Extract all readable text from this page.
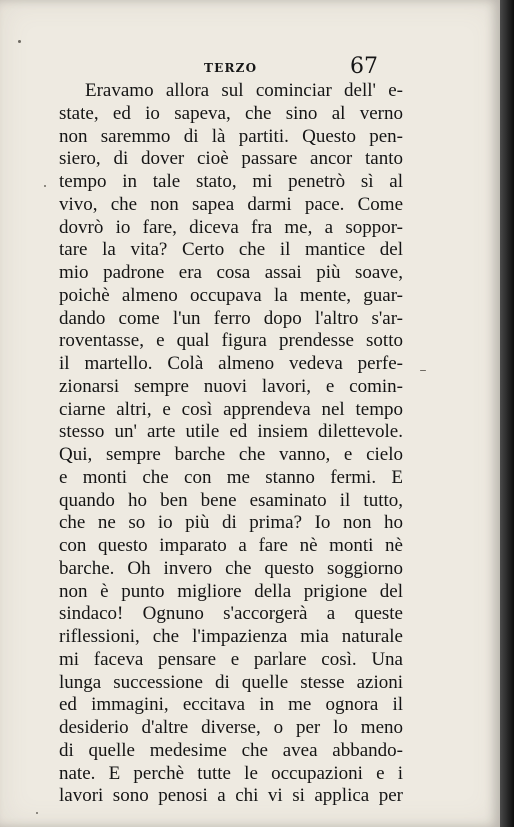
TERZO	67
Eravamo allora sul cominciar dell' e-
state, ed io sapeva, che sino al verno
non saremmo di là partiti. Questo pen-
siero, di dover cioè passare ancor tanto
tempo in tale stato, mi penetrò sì al
vivo, che non sapea darmi pace. Come
dovrò io fare, diceva fra me, a soppor-
tare la vita? Certo che il mantice del
mio padrone era cosa assai più soave,
poichè almeno occupava la mente, guar-
dando come l'un ferro dopo l'altro s'ar-
roventasse, e qual figura prendesse sotto
il martello. Colà almeno vedeva perfe-
zionarsi sempre nuovi lavori, e comin-
ciarne altri, e così apprendeva nel tempo
stesso un' arte utile ed insiem dilettevole.
Qui, sempre barche che vanno, e cielo
e monti che con me stanno fermi. E
quando ho ben bene esaminato il tutto,
che ne so io più di prima? Io non ho
con questo imparato a fare nè monti nè
barche. Oh invero che questo soggiorno
non è punto migliore della prigione del
sindaco! Ognuno s'accorgerà a queste
riflessioni, che l'impazienza mia naturale
mi faceva pensare e parlare così. Una
lunga successione di quelle stesse azioni
ed immagini, eccitava in me ognora il
desiderio d'altre diverse, o per lo meno
di quelle medesime che avea abbando-
nate. E perchè tutte le occupazioni e i
lavori sono penosi a chi vi si applica per
